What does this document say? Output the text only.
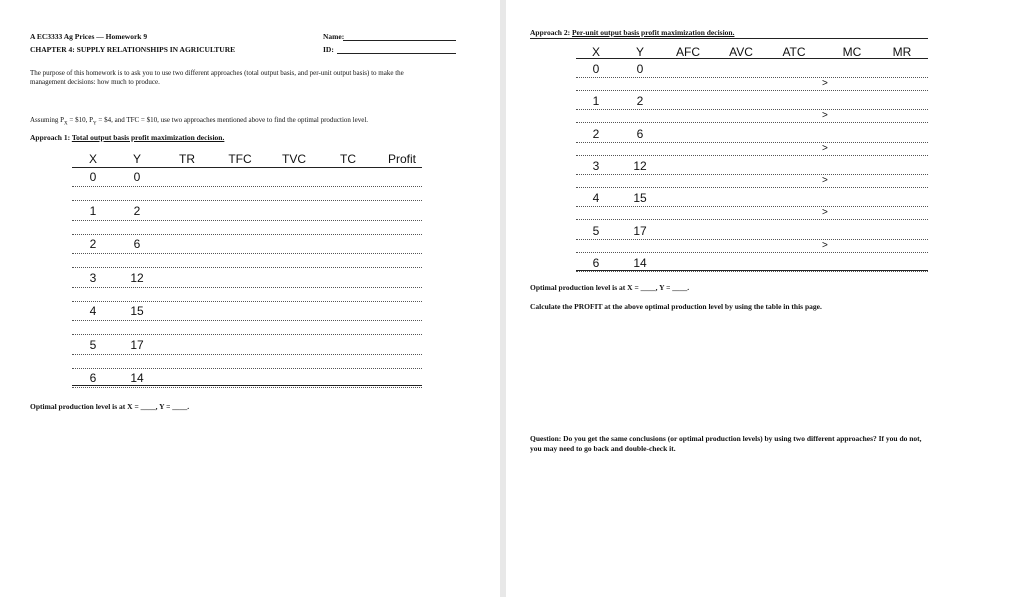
A EC3333 Ag Prices — Homework 9
CHAPTER 4: SUPPLY RELATIONSHIPS IN AGRICULTURE
Name:
ID:
The purpose of this homework is to ask you to use two different approaches (total output basis, and per-unit output basis) to make the
management decisions: how much to produce.
Assuming $P_X$ = $10, $P_Y$ = $4, and TFC = $10, use two approaches mentioned above to find the optimal production level.
Approach 1: Total output basis profit maximization decision.
X	Y	TR	TFC	TVC	TC	Profit
0	0
1	2
2	6
3	12
4	15
5	17
6	14
Optimal production level is at X = ____, Y = ____.
Approach 2: Per-unit output basis profit maximization decision.
X	Y	AFC	AVC	ATC	MC	MR
0	0
>
1	2
>
2	6
>
3	12
>
4	15
>
5	17
>
6	14
Optimal production level is at X = ____, Y = ____.
Calculate the PROFIT at the above optimal production level by using the table in this page.
Question: Do you get the same conclusions (or optimal production levels) by using two different approaches? If you do not,
you may need to go back and double-check it.
